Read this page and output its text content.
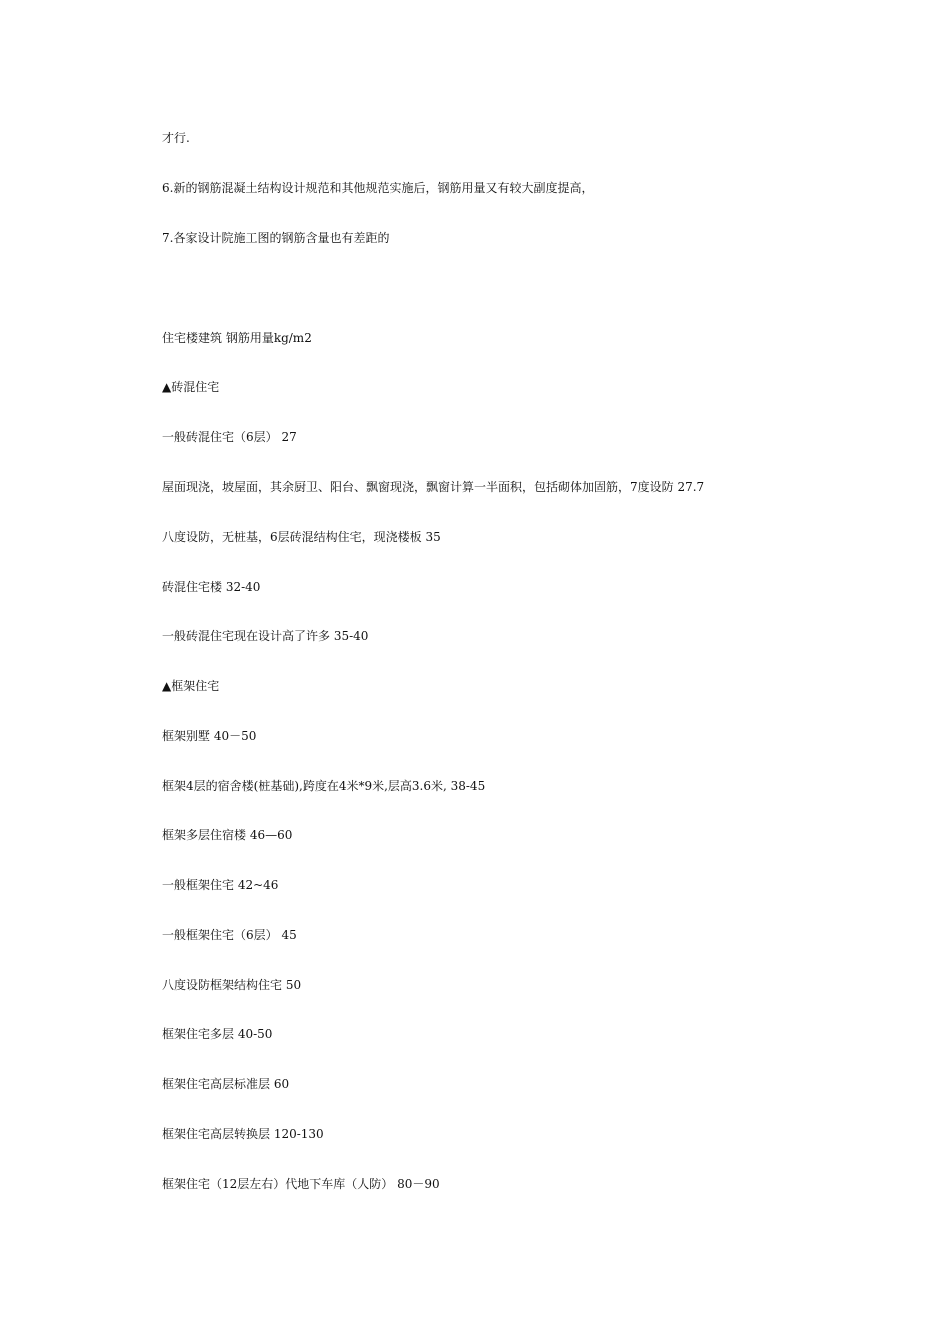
才行.

6.新的钢筋混凝土结构设计规范和其他规范实施后，钢筋用量又有较大副度提高，

7.各家设计院施工图的钢筋含量也有差距的

住宅楼建筑 钢筋用量kg/m2

▲砖混住宅

一般砖混住宅（6层） 27

屋面现浇，坡屋面，其余厨卫、阳台、飘窗现浇，飘窗计算一半面积，包括砌体加固筋，7度设防 27.7

八度设防，无桩基，6层砖混结构住宅，现浇楼板 35

砖混住宅楼 32-40

一般砖混住宅现在设计高了许多 35-40

▲框架住宅

框架别墅 40－50

框架4层的宿舍楼(桩基础),跨度在4米*9米,层高3.6米, 38-45

框架多层住宿楼 46—60

一般框架住宅 42~46

一般框架住宅（6层） 45

八度设防框架结构住宅 50

框架住宅多层 40-50

框架住宅高层标准层 60

框架住宅高层转换层 120-130

框架住宅（12层左右）代地下车库（人防） 80－90
